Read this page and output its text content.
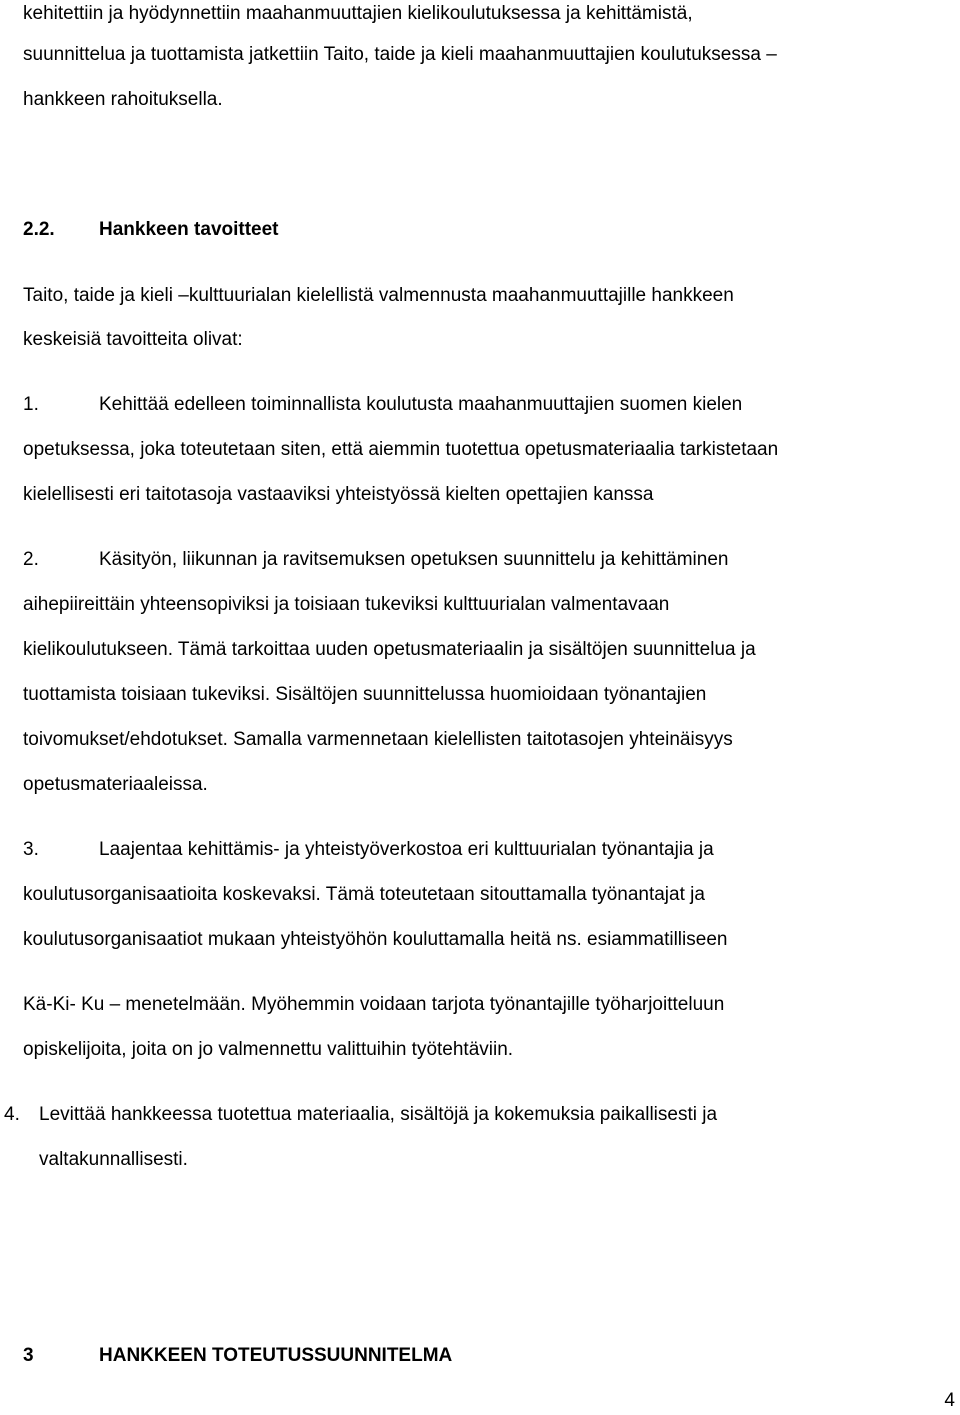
kehitettiin ja hyödynnettiin maahanmuuttajien kielikoulutuksessa ja kehittämistä,
suunnittelua ja tuottamista jatkettiin Taito, taide ja kieli maahanmuuttajien koulutuksessa –
hankkeen rahoituksella.
2.2. Hankkeen tavoitteet
Taito, taide ja kieli –kulttuurialan kielellistä valmennusta maahanmuuttajille hankkeen
keskeisiä tavoitteita olivat:
1.	Kehittää edelleen toiminnallista koulutusta maahanmuuttajien suomen kielen
opetuksessa, joka toteutetaan siten, että aiemmin tuotettua opetusmateriaalia tarkistetaan
kielellisesti eri taitotasoja vastaaviksi yhteistyössä kielten opettajien kanssa
2.	Käsityön, liikunnan ja ravitsemuksen opetuksen suunnittelu ja kehittäminen
aihepiireittäin yhteensopiviksi ja toisiaan tukeviksi kulttuurialan valmentavaan
kielikoulutukseen. Tämä tarkoittaa uuden opetusmateriaalin ja sisältöjen suunnittelua ja
tuottamista toisiaan tukeviksi. Sisältöjen suunnittelussa huomioidaan työnantajien
toivomukset/ehdotukset. Samalla varmennetaan kielellisten taitotasojen yhteinäisyys
opetusmateriaaleissa.
3.	Laajentaa kehittämis- ja yhteistyöverkostoa eri kulttuurialan työnantajia ja
koulutusorganisaatioita koskevaksi. Tämä toteutetaan sitouttamalla työnantajat ja
koulutusorganisaatiot mukaan yhteistyöhön kouluttamalla heitä ns. esiammatilliseen
Kä-Ki- Ku – menetelmään. Myöhemmin voidaan tarjota työnantajille työharjoitteluun
opiskelijoita, joita on jo valmennettu valittuihin työtehtäviin.
4. Levittää hankkeessa tuotettua materiaalia, sisältöjä ja kokemuksia paikallisesti ja
valtakunnallisesti.
3	HANKKEEN TOTEUTUSSUUNNITELMA
4
